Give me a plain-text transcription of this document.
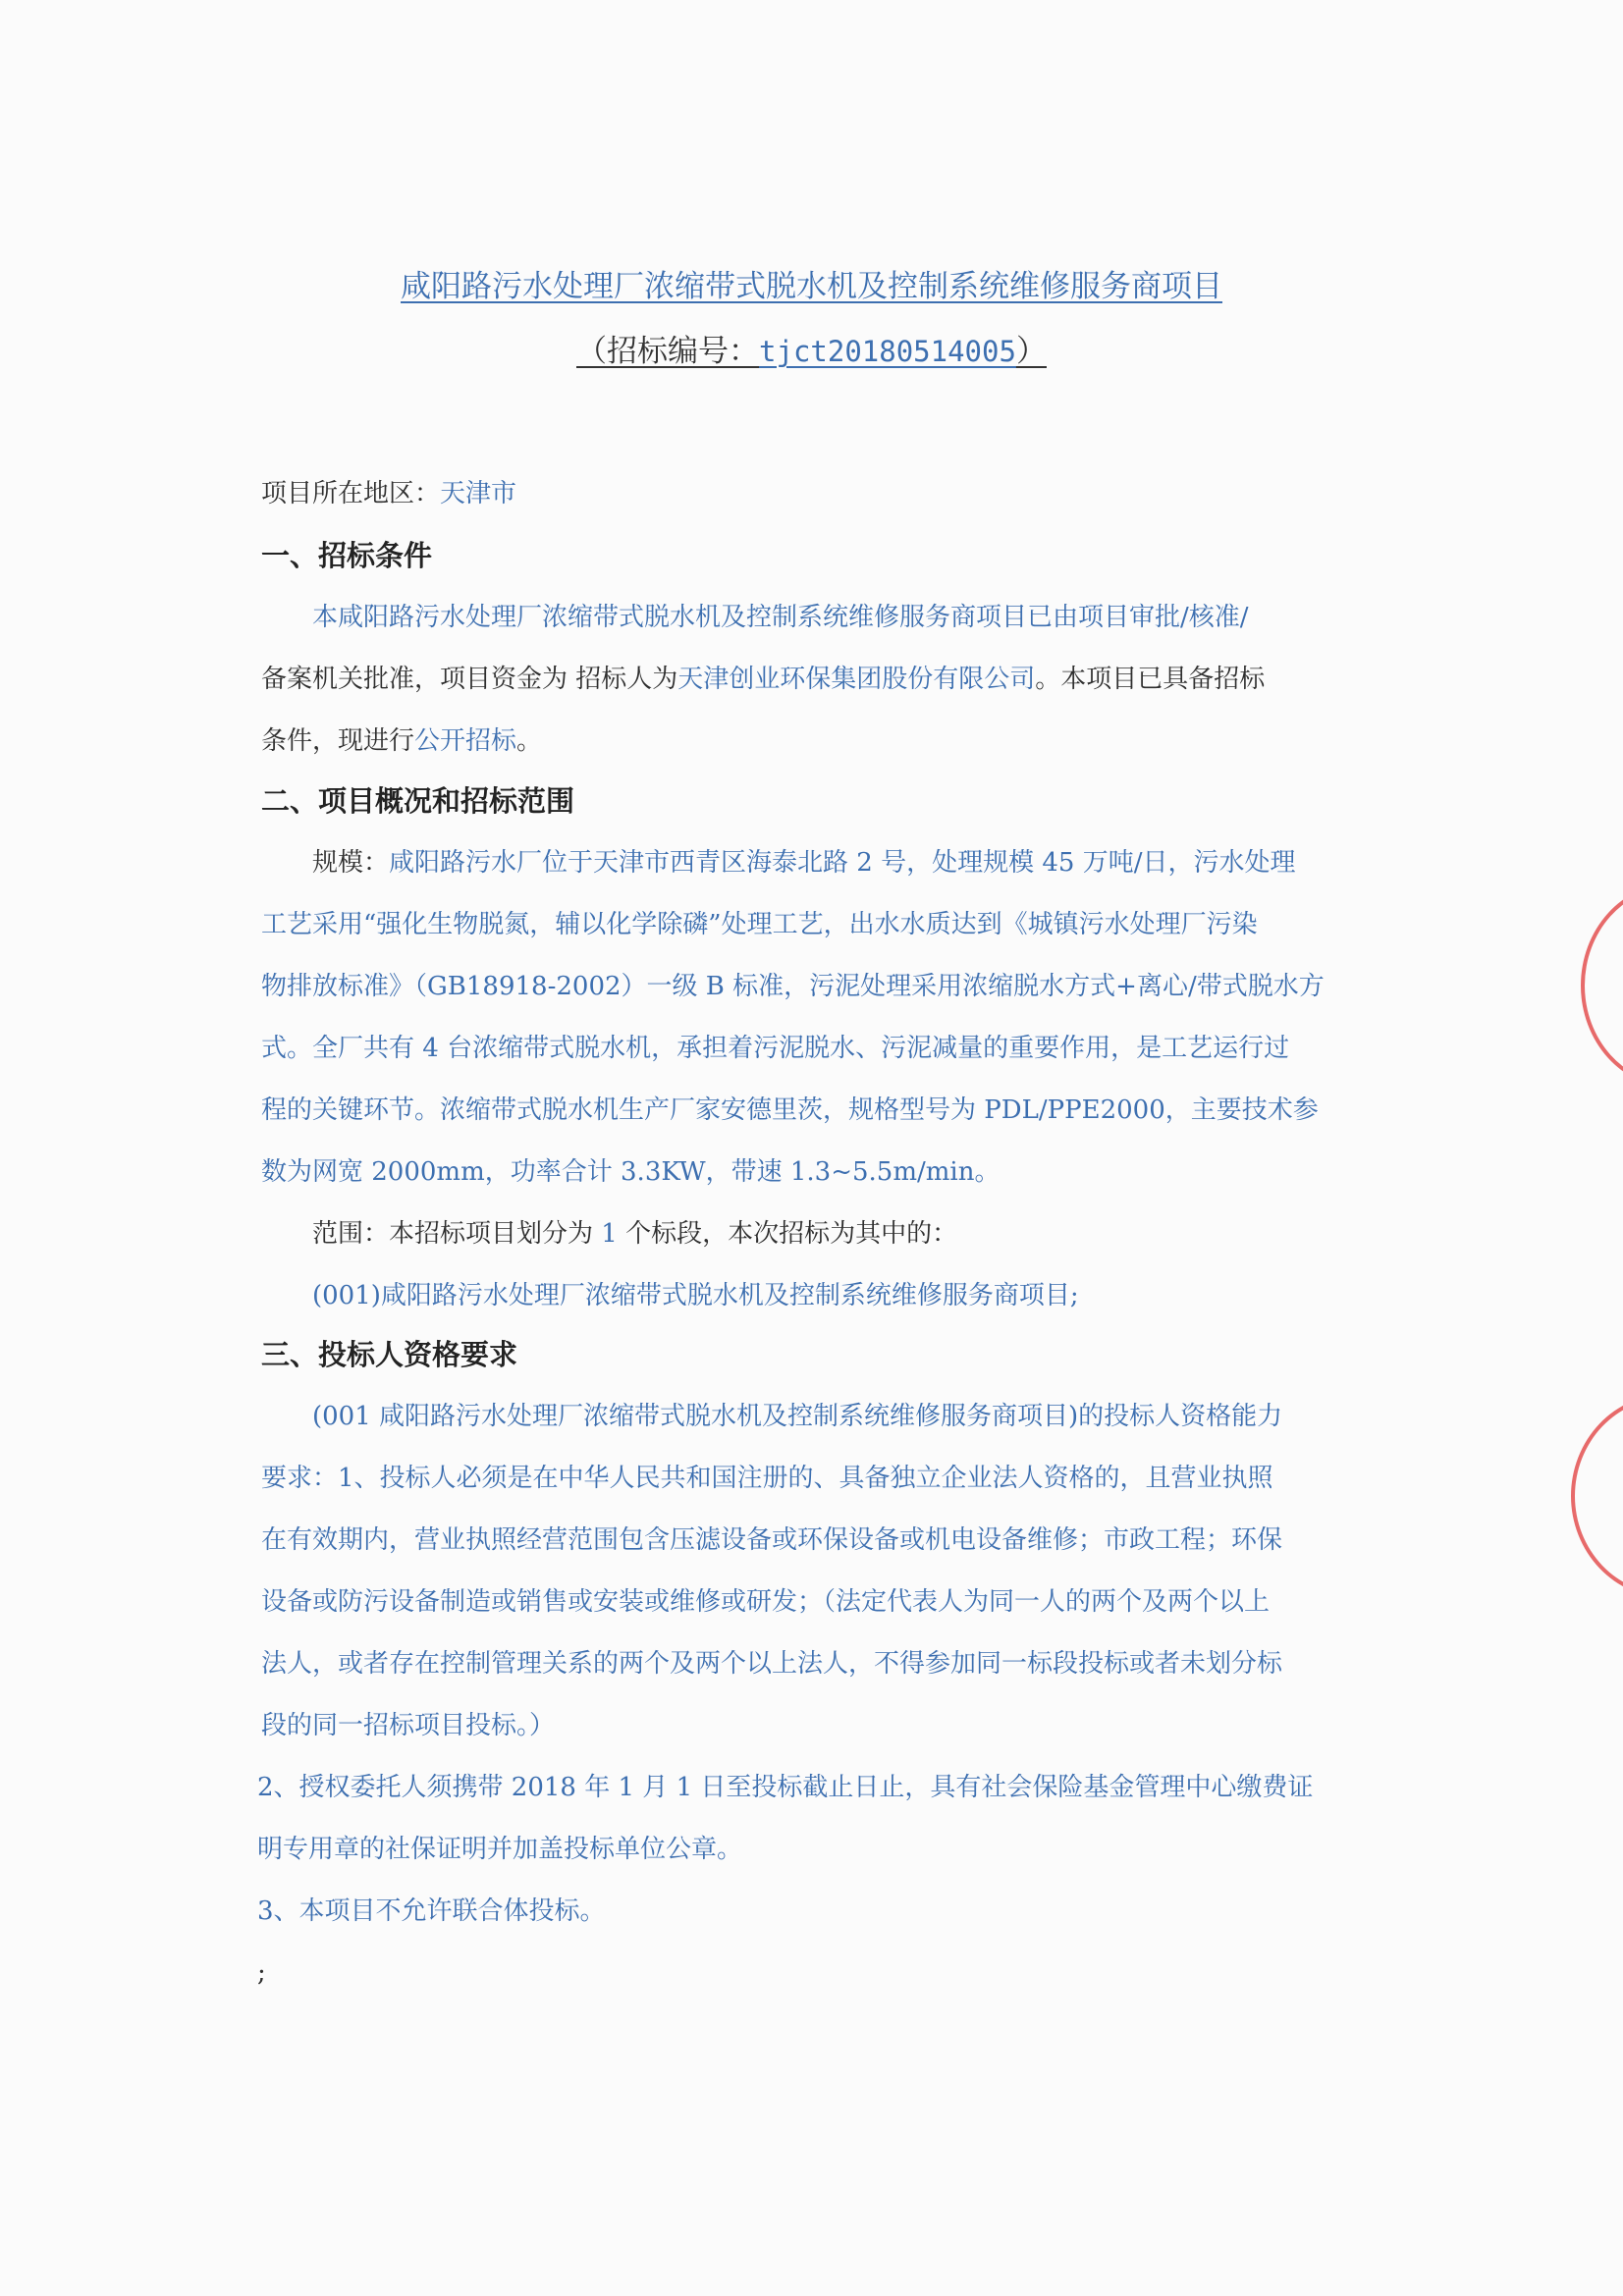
咸阳路污水处理厂浓缩带式脱水机及控制系统维修服务商项目
（招标编号：tjct20180514005）
项目所在地区：天津市
一、招标条件
本咸阳路污水处理厂浓缩带式脱水机及控制系统维修服务商项目已由项目审批/核准/
备案机关批准，项目资金为 招标人为天津创业环保集团股份有限公司。本项目已具备招标
条件，现进行公开招标。
二、项目概况和招标范围
规模：咸阳路污水厂位于天津市西青区海泰北路 2 号，处理规模 45 万吨/日，污水处理
工艺采用“强化生物脱氮，辅以化学除磷”处理工艺，出水水质达到《城镇污水处理厂污染
物排放标准》（GB18918-2002）一级 B 标准，污泥处理采用浓缩脱水方式+离心/带式脱水方
式。全厂共有 4 台浓缩带式脱水机，承担着污泥脱水、污泥减量的重要作用，是工艺运行过
程的关键环节。浓缩带式脱水机生产厂家安德里茨，规格型号为 PDL/PPE2000，主要技术参
数为网宽 2000mm，功率合计 3.3KW，带速 1.3~5.5m/min。
范围：本招标项目划分为 1 个标段，本次招标为其中的：
(001)咸阳路污水处理厂浓缩带式脱水机及控制系统维修服务商项目;
三、投标人资格要求
(001 咸阳路污水处理厂浓缩带式脱水机及控制系统维修服务商项目)的投标人资格能力
要求：1、投标人必须是在中华人民共和国注册的、具备独立企业法人资格的，且营业执照
在有效期内，营业执照经营范围包含压滤设备或环保设备或机电设备维修；市政工程；环保
设备或防污设备制造或销售或安装或维修或研发；（法定代表人为同一人的两个及两个以上
法人，或者存在控制管理关系的两个及两个以上法人，不得参加同一标段投标或者未划分标
段的同一招标项目投标。）
2、授权委托人须携带 2018 年 1 月 1 日至投标截止日止，具有社会保险基金管理中心缴费证
明专用章的社保证明并加盖投标单位公章。
3、本项目不允许联合体投标。
;
